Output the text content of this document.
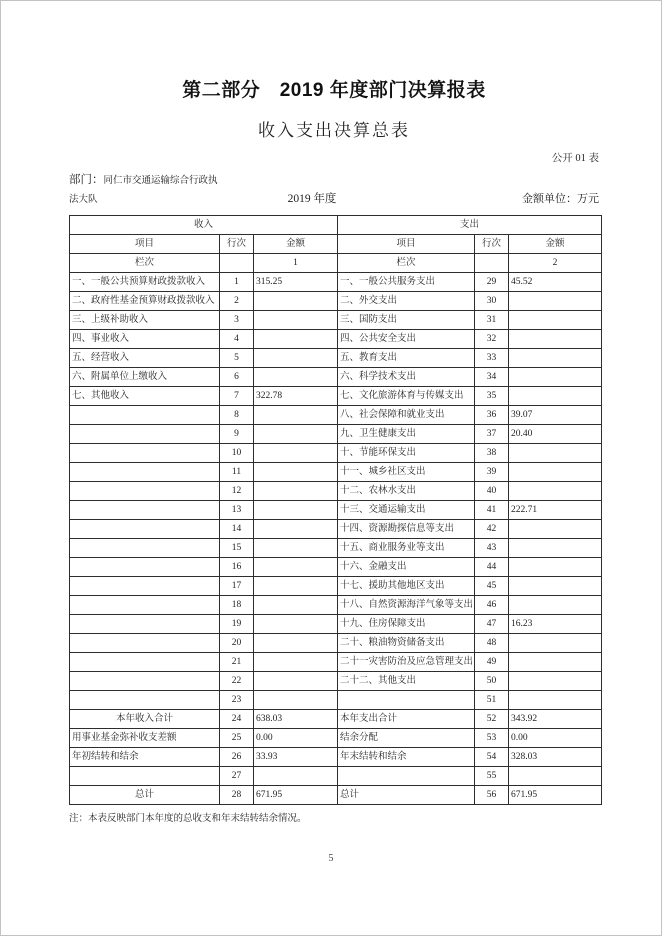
第二部分　2019 年度部门决算报表
收入支出决算总表
公开 01 表
部门：同仁市交通运输综合行政执
法大队	2019 年度	金额单位：万元
收入			支出		
项目	行次	金额	项目	行次	金额
栏次		1	栏次		2
一、一般公共预算财政拨款收入	1	315.25	一、一般公共服务支出	29	45.52
二、政府性基金预算财政拨款收入	2		二、外交支出	30	
三、上级补助收入	3		三、国防支出	31	
四、事业收入	4		四、公共安全支出	32	
五、经营收入	5		五、教育支出	33	
六、附属单位上缴收入	6		六、科学技术支出	34	
七、其他收入	7	322.78	七、文化旅游体育与传媒支出	35	
	8		八、社会保障和就业支出	36	39.07
	9		九、卫生健康支出	37	20.40
	10		十、节能环保支出	38	
	11		十一、城乡社区支出	39	
	12		十二、农林水支出	40	
	13		十三、交通运输支出	41	222.71
	14		十四、资源勘探信息等支出	42	
	15		十五、商业服务业等支出	43	
	16		十六、金融支出	44	
	17		十七、援助其他地区支出	45	
	18		十八、自然资源海洋气象等支出	46	
	19		十九、住房保障支出	47	16.23
	20		二十、粮油物资储备支出	48	
	21		二十一灾害防治及应急管理支出	49	
	22		二十二、其他支出	50	
	23			51	
本年收入合计	24	638.03	本年支出合计	52	343.92
用事业基金弥补收支差额	25	0.00	结余分配	53	0.00
年初结转和结余	26	33.93	年末结转和结余	54	328.03
	27			55	
总计	28	671.95	总计	56	671.95
注：本表反映部门本年度的总收支和年末结转结余情况。
5
